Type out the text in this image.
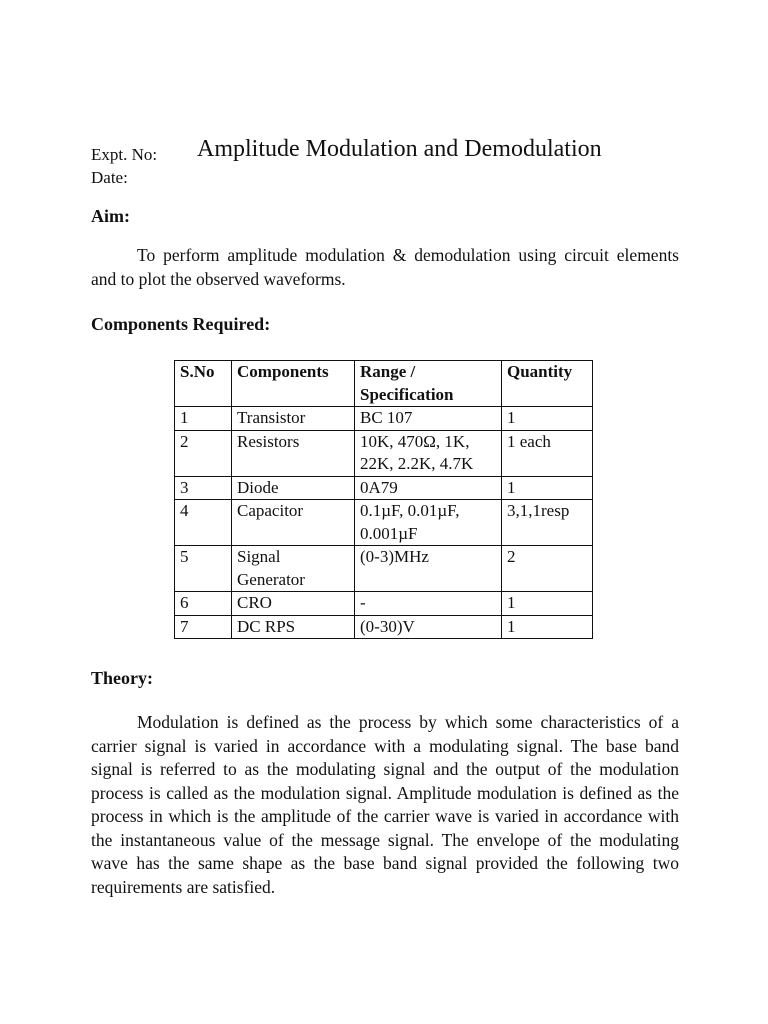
Expt. No: Amplitude Modulation and Demodulation
Date:
Aim:

To perform amplitude modulation & demodulation using circuit elements and to plot the observed waveforms.

Components Required:
S.No	Components	Range / Specification	Quantity
1	Transistor	BC 107	1
2	Resistors	10K, 470Ω, 1K, 22K, 2.2K, 4.7K	1 each
3	Diode	0A79	1
4	Capacitor	0.1µF, 0.01µF, 0.001µF	3,1,1resp
5	Signal Generator	(0-3)MHz	2
6	CRO	-	1
7	DC RPS	(0-30)V	1
Theory:

Modulation is defined as the process by which some characteristics of a carrier signal is varied in accordance with a modulating signal. The base band signal is referred to as the modulating signal and the output of the modulation process is called as the modulation signal. Amplitude modulation is defined as the process in which is the amplitude of the carrier wave is varied in accordance with the instantaneous value of the message signal. The envelope of the modulating wave has the same shape as the base band signal provided the following two requirements are satisfied.
